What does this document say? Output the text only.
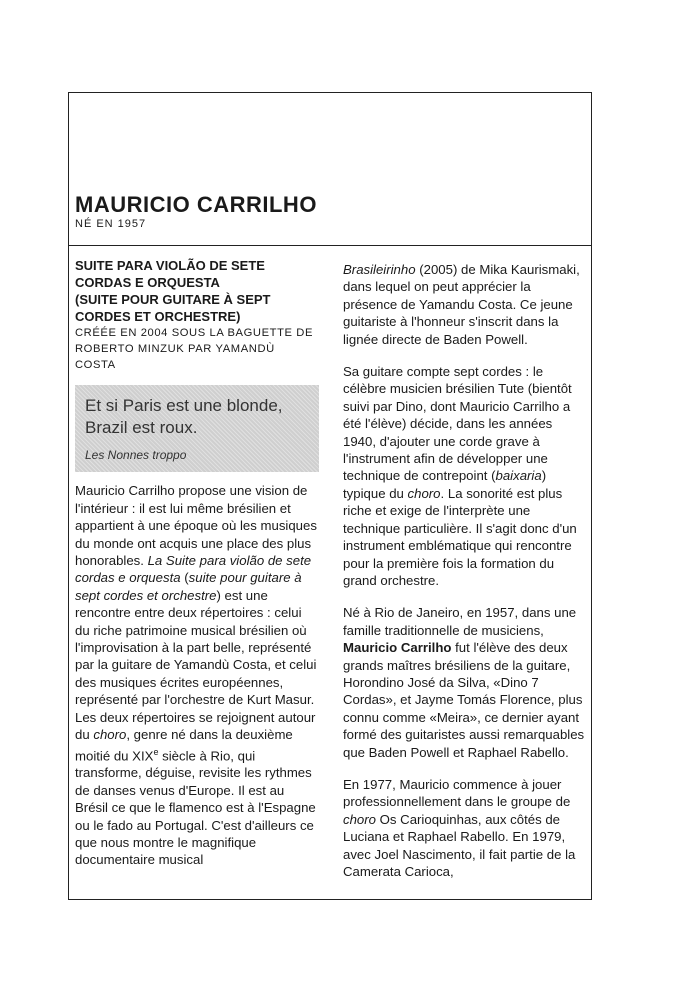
MAURICIO CARRILHO
NÉ EN 1957
SUITE PARA VIOLÃO DE SETE
CORDAS E ORQUESTA
(SUITE POUR GUITARE À SEPT
CORDES ET ORCHESTRE)
CRÉÉE EN 2004 SOUS LA BAGUETTE DE
ROBERTO MINZUK PAR YAMANDÙ COSTA
Et si Paris est une blonde,
Brazil est roux.
Les Nonnes troppo

Mauricio Carrilho propose une vision de l'intérieur : il est lui même brésilien et appartient à une époque où les musiques du monde ont acquis une place des plus honorables. La Suite para violão de sete cordas e orquesta (suite pour guitare à sept cordes et orchestre) est une rencontre entre deux répertoires : celui du riche patrimoine musical brésilien où l'improvisation à la part belle, représenté par la guitare de Yamandù Costa, et celui des musiques écrites européennes, représenté par l'orchestre de Kurt Masur. Les deux répertoires se rejoignent autour du choro, genre né dans la deuxième moitié du XIXe siècle à Rio, qui transforme, déguise, revisite les rythmes de danses venus d'Europe. Il est au Brésil ce que le flamenco est à l'Espagne ou le fado au Portugal. C'est d'ailleurs ce que nous montre le magnifique documentaire musical

Brasileirinho (2005) de Mika Kaurismaki, dans lequel on peut apprécier la présence de Yamandu Costa. Ce jeune guitariste à l'honneur s'inscrit dans la lignée directe de Baden Powell.

Sa guitare compte sept cordes : le célèbre musicien brésilien Tute (bientôt suivi par Dino, dont Mauricio Carrilho a été l'élève) décide, dans les années 1940, d'ajouter une corde grave à l'instrument afin de développer une technique de contrepoint (baixaria) typique du choro. La sonorité est plus riche et exige de l'interprète une technique particulière. Il s'agit donc d'un instrument emblématique qui rencontre pour la première fois la formation du grand orchestre.

Né à Rio de Janeiro, en 1957, dans une famille traditionnelle de musiciens, Mauricio Carrilho fut l'élève des deux grands maîtres brésiliens de la guitare, Horondino José da Silva, «Dino 7 Cordas», et Jayme Tomás Florence, plus connu comme «Meira», ce dernier ayant formé des guitaristes aussi remarquables que Baden Powell et Raphael Rabello.

En 1977, Mauricio commence à jouer professionnellement dans le groupe de choro Os Carioquinhas, aux côtés de Luciana et Raphael Rabello. En 1979, avec Joel Nascimento, il fait partie de la Camerata Carioca,
